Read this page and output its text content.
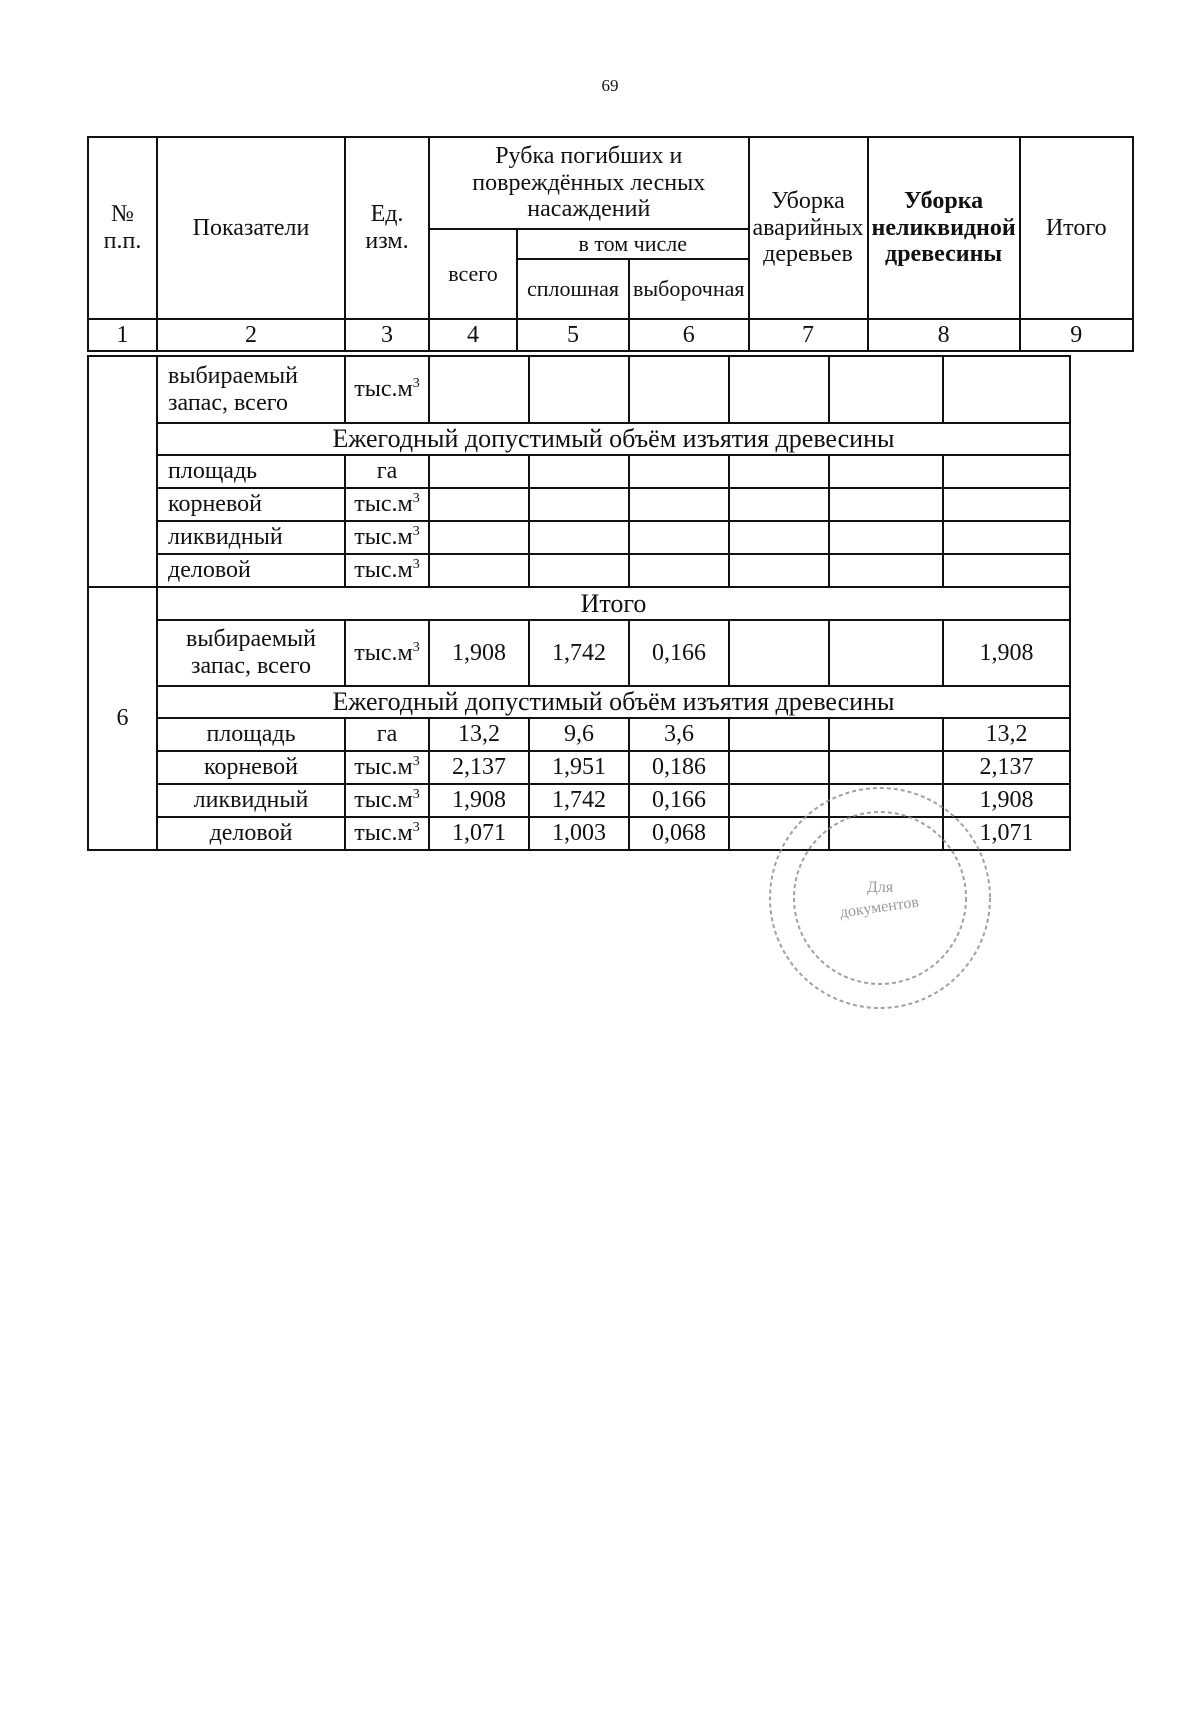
69
№ п.п.	Показатели	Ед. изм.	Рубка погибших и повреждённых лесных насаждений			Уборка аварийных деревьев	Уборка неликвидной древесины	Итого
			всего	в том числе				
				сплошная	выборочная			
1	2	3	4	5	6	7	8	9
	выбираемый запас, всего	$тыс.м^3$						
	Ежегодный допустимый объём изъятия древесины							
	площадь	га						
	корневой	$тыс.м^3$						
	ликвидный	$тыс.м^3$						
	деловой	$тыс.м^3$						
6	Итого							
	выбираемый запас, всего	$тыс.м^3$	1,908	1,742	0,166			1,908
	Ежегодный допустимый объём изъятия древесины							
	площадь	га	13,2	9,6	3,6			13,2
	корневой	$тыс.м^3$	2,137	1,951	0,186			2,137
	ликвидный	$тыс.м^3$	1,908	1,742	0,166			1,908
	деловой	$тыс.м^3$	1,071	1,003	0,068			1,071
Для
документов
